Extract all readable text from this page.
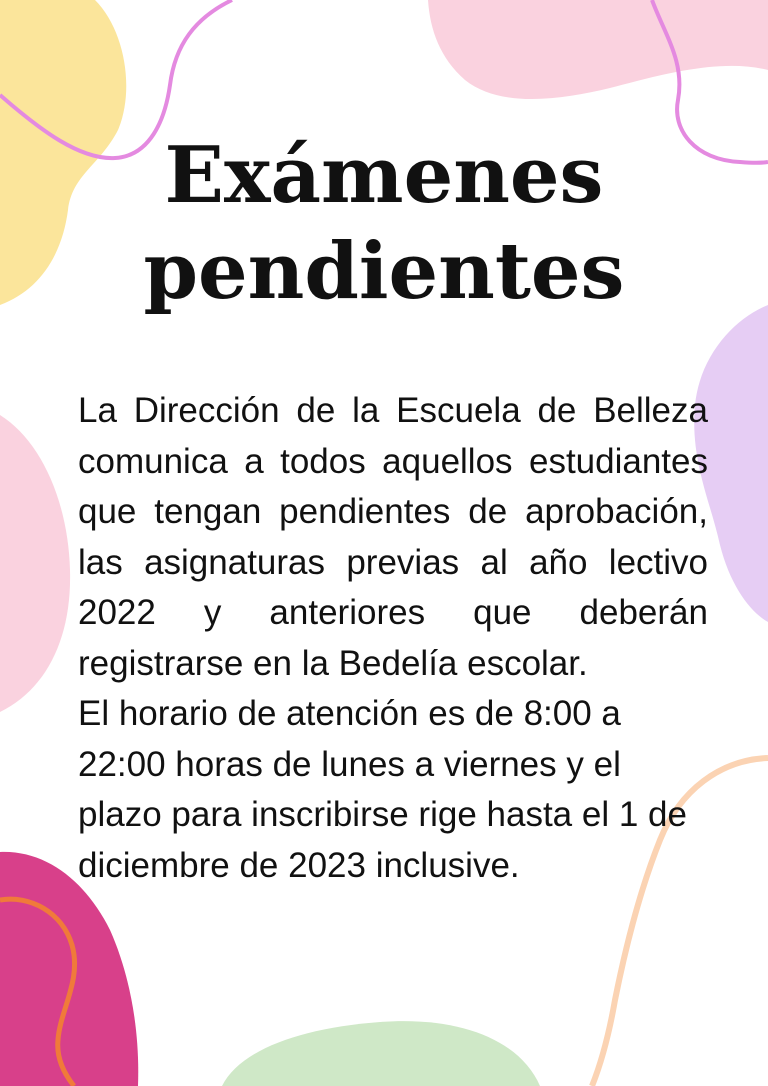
Exámenes
pendientes

La Dirección de la Escuela de Belleza comunica a todos aquellos estudiantes que tengan pendientes de aprobación, las asignaturas previas al año lectivo 2022 y anteriores que deberán registrarse en la Bedelía escolar.

El horario de atención es de 8:00 a 22:00 horas de lunes a viernes y el plazo para inscribirse rige hasta el 1 de diciembre de 2023 inclusive.
